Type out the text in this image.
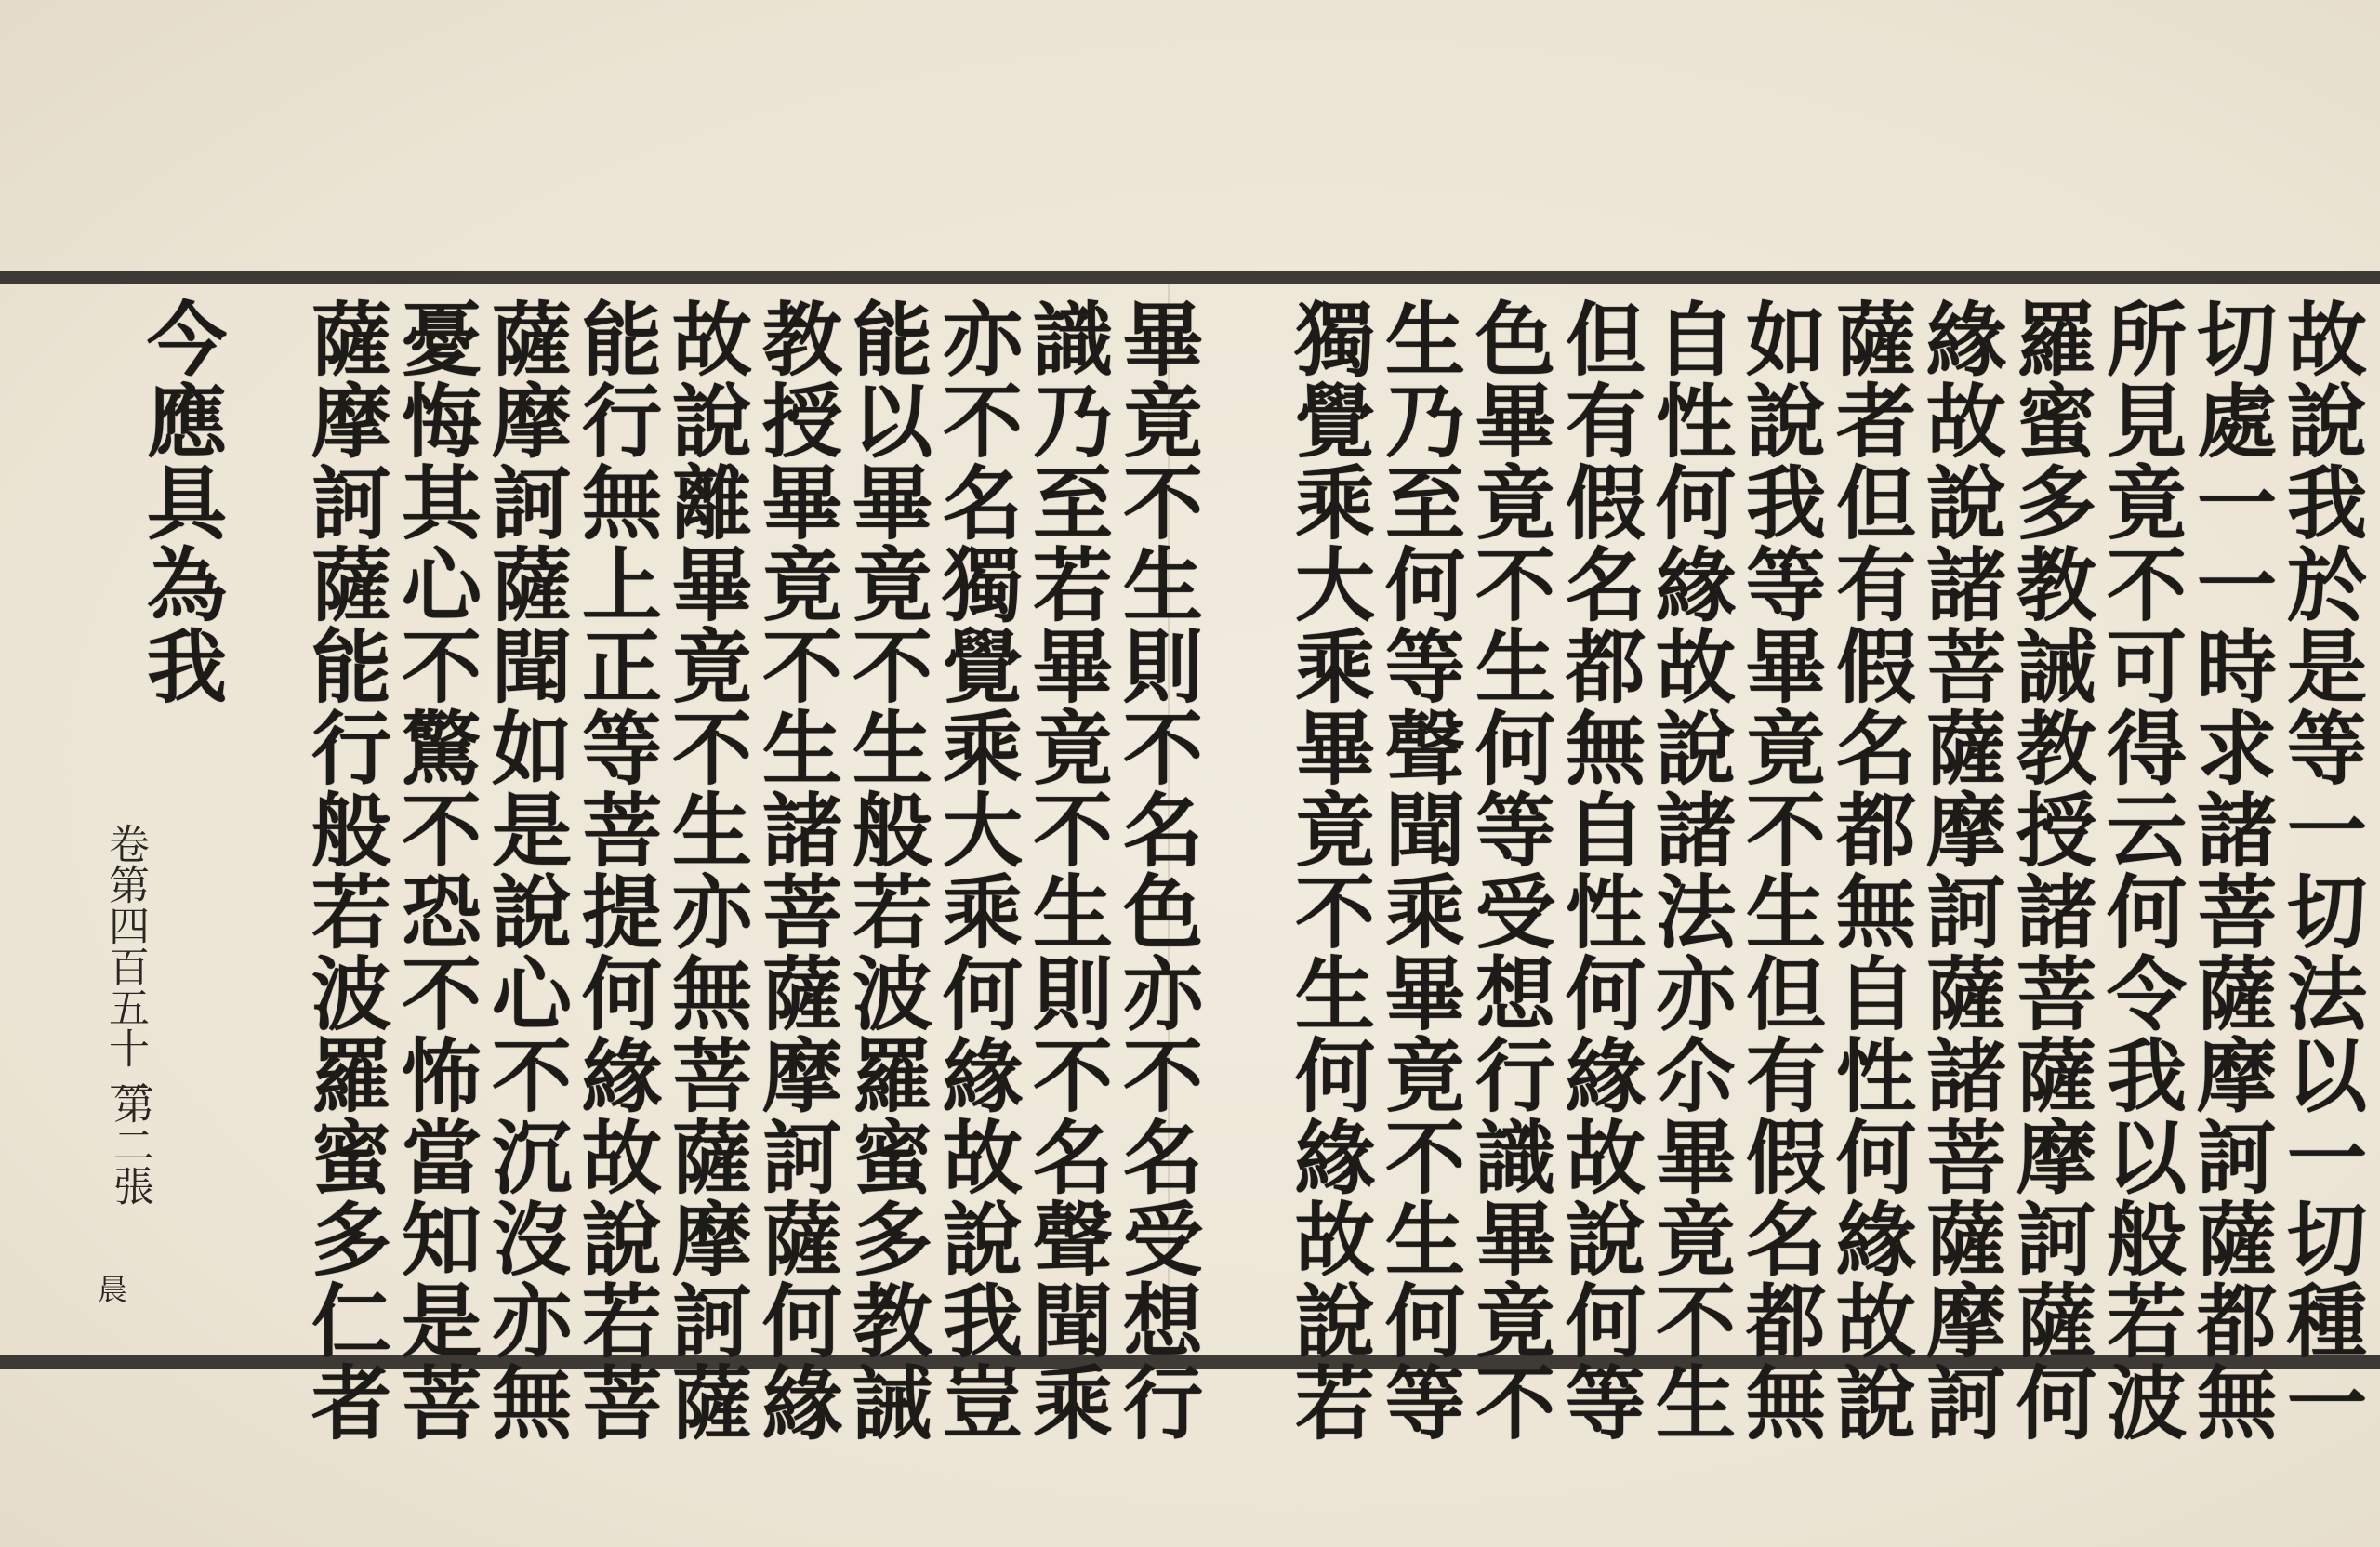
故說我於是等一切法以一切種一
切處一一時求諸菩薩摩訶薩都無
所見竟不可得云何令我以般若波
羅蜜多教誡教授諸菩薩摩訶薩何
緣故說諸菩薩摩訶薩諸菩薩摩訶
薩者但有假名都無自性何緣故說
如說我等畢竟不生但有假名都無
自性何緣故說諸法亦尒畢竟不生
但有假名都無自性何緣故說何等
色畢竟不生何等受想行識畢竟不
生乃至何等聲聞乘畢竟不生何等
獨覺乘大乘畢竟不生何緣故說若
畢竟不生則不名色亦不名受想行
識乃至若畢竟不生則不名聲聞乘
亦不名獨覺乘大乘何緣故說我豈
能以畢竟不生般若波羅蜜多教誡
教授畢竟不生諸菩薩摩訶薩何緣
故說離畢竟不生亦無菩薩摩訶薩
能行無上正等菩提何緣故說若菩
薩摩訶薩聞如是說心不沉沒亦無
憂悔其心不驚不恐不怖當知是菩
薩摩訶薩能行般若波羅蜜多仁者
今應具為我
卷第四百五十一
第二張
晨
